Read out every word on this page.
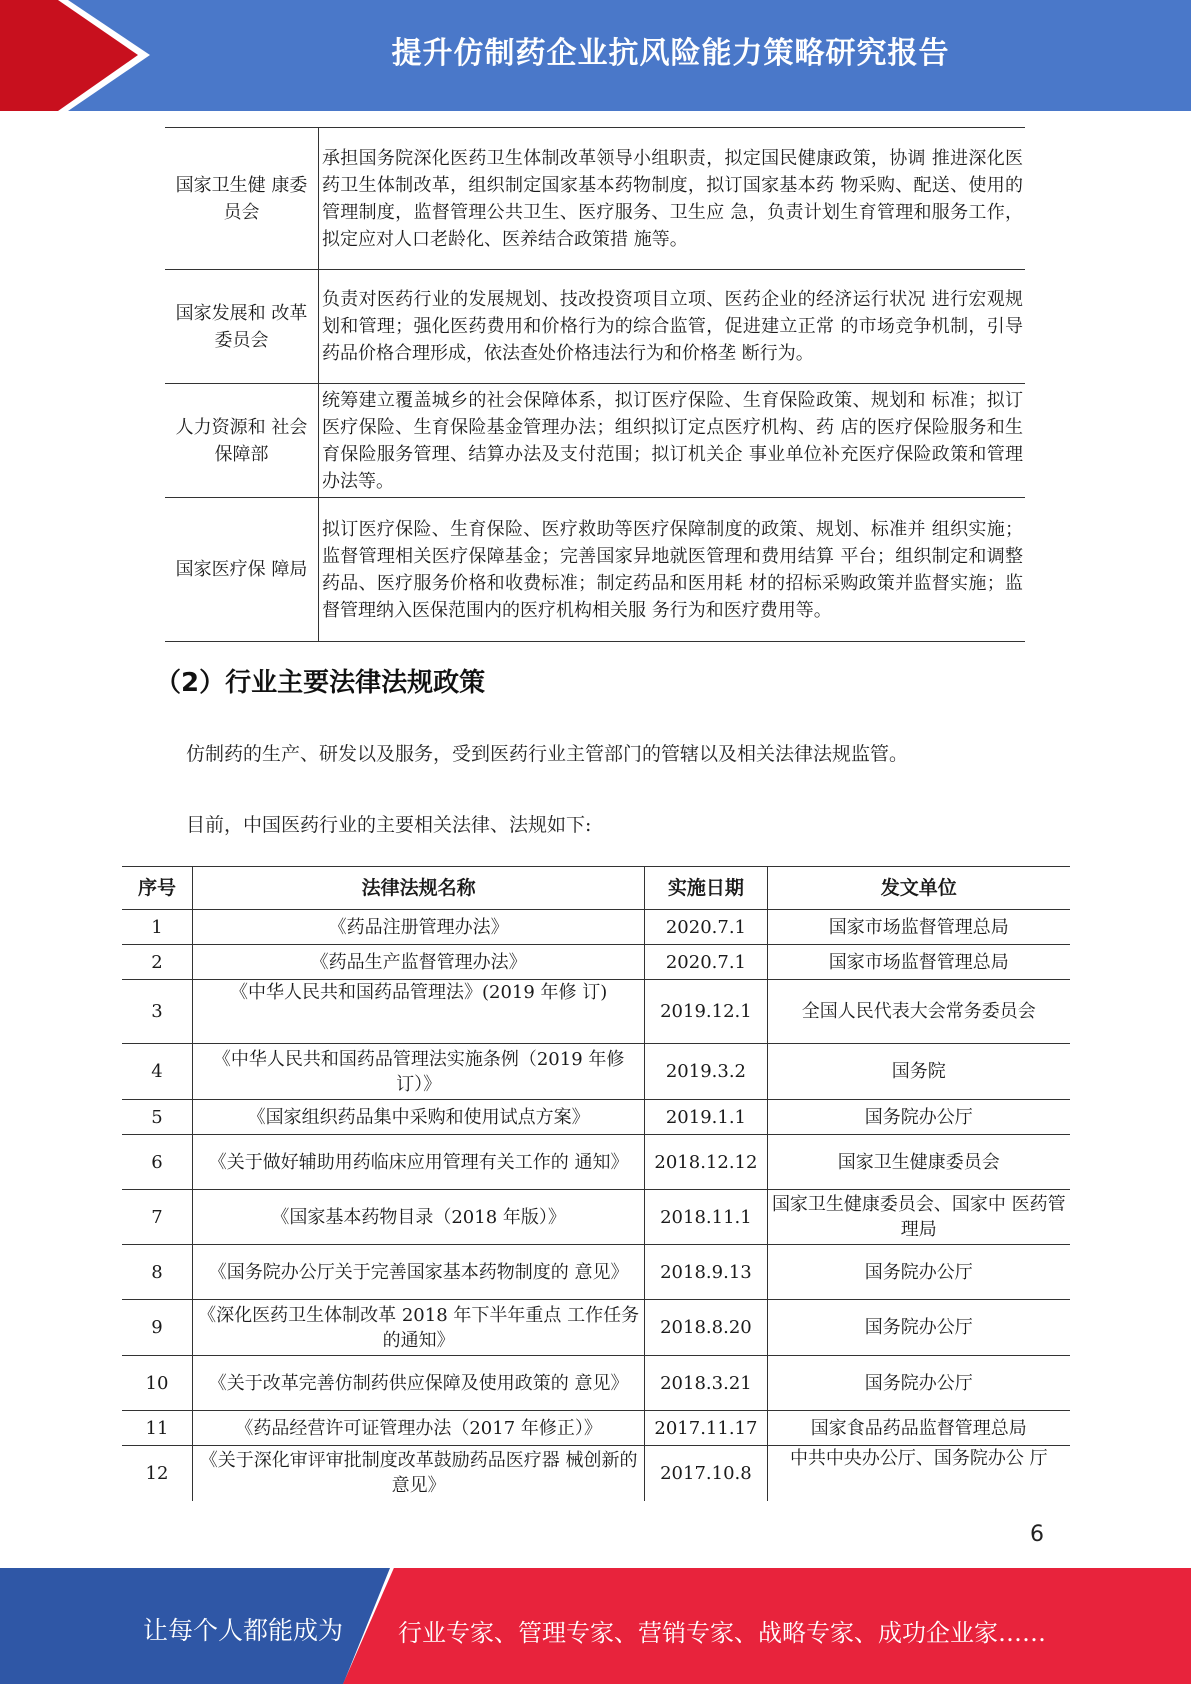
提升仿制药企业抗风险能力策略研究报告
国家卫生健 康委员会	承担国务院深化医药卫生体制改革领导小组职责，拟定国民健康政策，协调 推进深化医药卫生体制改革，组织制定国家基本药物制度，拟订国家基本药 物采购、配送、使用的管理制度，监督管理公共卫生、医疗服务、卫生应 急，负责计划生育管理和服务工作，拟定应对人口老龄化、医养结合政策措 施等。
国家发展和 改革委员会	负责对医药行业的发展规划、技改投资项目立项、医药企业的经济运行状况 进行宏观规划和管理；强化医药费用和价格行为的综合监管，促进建立正常 的市场竞争机制，引导药品价格合理形成，依法查处价格违法行为和价格垄 断行为。
人力资源和 社会保障部	统筹建立覆盖城乡的社会保障体系，拟订医疗保险、生育保险政策、规划和 标准；拟订医疗保险、生育保险基金管理办法；组织拟订定点医疗机构、药 店的医疗保险服务和生育保险服务管理、结算办法及支付范围；拟订机关企 事业单位补充医疗保险政策和管理办法等。
国家医疗保 障局	拟订医疗保险、生育保险、医疗救助等医疗保障制度的政策、规划、标准并 组织实施；监督管理相关医疗保障基金；完善国家异地就医管理和费用结算 平台；组织制定和调整药品、医疗服务价格和收费标准；制定药品和医用耗 材的招标采购政策并监督实施；监督管理纳入医保范围内的医疗机构相关服 务行为和医疗费用等。
（2）行业主要法律法规政策
仿制药的生产、研发以及服务，受到医药行业主管部门的管辖以及相关法律法规监管。
目前，中国医药行业的主要相关法律、法规如下:
序号	法律法规名称	实施日期	发文单位
1	《药品注册管理办法》	2020.7.1	国家市场监督管理总局
2	《药品生产监督管理办法》	2020.7.1	国家市场监督管理总局
3	《中华人民共和国药品管理法》(2019 年修 订)	2019.12.1	全国人民代表大会常务委员会
4	《中华人民共和国药品管理法实施条例（2019 年修订）》	2019.3.2	国务院
5	《国家组织药品集中采购和使用试点方案》	2019.1.1	国务院办公厅
6	《关于做好辅助用药临床应用管理有关工作的 通知》	2018.12.12	国家卫生健康委员会
7	《国家基本药物目录（2018 年版）》	2018.11.1	国家卫生健康委员会、国家中 医药管理局
8	《国务院办公厅关于完善国家基本药物制度的 意见》	2018.9.13	国务院办公厅
9	《深化医药卫生体制改革 2018 年下半年重点 工作任务的通知》	2018.8.20	国务院办公厅
10	《关于改革完善仿制药供应保障及使用政策的 意见》	2018.3.21	国务院办公厅
11	《药品经营许可证管理办法（2017 年修正）》	2017.11.17	国家食品药品监督管理总局
12	《关于深化审评审批制度改革鼓励药品医疗器 械创新的意见》	2017.10.8	中共中央办公厅、国务院办公 厅
6
让每个人都能成为 行业专家、管理专家、营销专家、战略专家、成功企业家……
